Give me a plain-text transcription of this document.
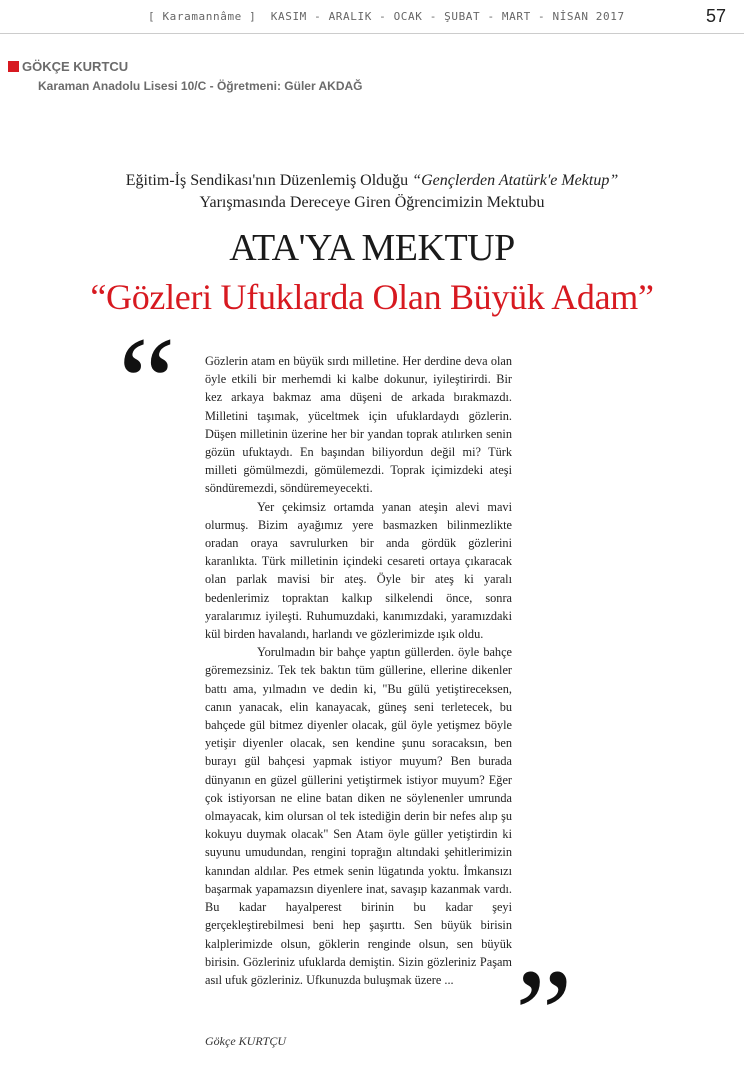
[ Karamannâme ] KASIM - ARALIK - OCAK - ŞUBAT - MART - NİSAN 2017	57
GÖKÇE KURTCU
Karaman Anadolu Lisesi 10/C - Öğretmeni: Güler AKDAĞ
Eğitim-İş Sendikası'nın Düzenlemiş Olduğu “Gençlerden Atatürk'e Mektup”
Yarışmasında Dereceye Giren Öğrencimizin Mektubu
ATA'YA MEKTUP
“Gözleri Ufuklarda Olan Büyük Adam”
“ Gözlerin atam en büyük sırdı milletine. Her derdine deva olan öyle etkili bir merhemdi ki kalbe dokunur, iyileştirirdi. Bir kez arkaya bakmaz ama düşeni de arkada bırakmazdı. Milletini taşımak, yüceltmek için ufuklardaydı gözlerin. Düşen milletinin üzerine her bir yandan toprak atılırken senin gözün ufuktaydı. En başından biliyordun değil mi? Türk milleti gömülmezdi, gömülemezdi. Toprak içimizdeki ateşi söndüremezdi, söndüremeyecekti.

Yer çekimsiz ortamda yanan ateşin alevi mavi olurmuş. Bizim ayağımız yere basmazken bilinmezlikte oradan oraya savrulurken bir anda gördük gözlerini karanlıkta. Türk milletinin içindeki cesareti ortaya çıkaracak olan parlak mavisi bir ateş. Öyle bir ateş ki yaralı bedenlerimiz topraktan kalkıp silkelendi önce, sonra yaralarımız iyileşti. Ruhumuzdaki, kanımızdaki, yaramızdaki kül birden havalandı, harlandı ve gözlerimizde ışık oldu.

Yorulmadın bir bahçe yaptın güllerden. öyle bahçe göremezsiniz. Tek tek baktın tüm güllerine, ellerine dikenler battı ama, yılmadın ve dedin ki, "Bu gülü yetiştireceksen, canın yanacak, elin kanayacak, güneş seni terletecek, bu bahçede gül bitmez diyenler olacak, gül öyle yetişmez böyle yetişir diyenler olacak, sen kendine şunu soracaksın, ben burayı gül bahçesi yapmak istiyor muyum? Ben burada dünyanın en güzel güllerini yetiştirmek istiyor muyum? Eğer çok istiyorsan ne eline batan diken ne söylenenler umrunda olmayacak, kim olursan ol tek istediğin derin bir nefes alıp şu kokuyu duymak olacak" Sen Atam öyle güller yetiştirdin ki suyunu umudundan, rengini toprağın altındaki şehitlerimizin kanından aldılar. Pes etmek senin lügatında yoktu. İmkansızı başarmak yapamazsın diyenlere inat, savaşıp kazanmak vardı. Bu kadar hayalperest birinin bu kadar şeyi gerçekleştirebilmesi beni hep şaşırttı. Sen büyük birisin kalplerimizde olsun, göklerin renginde olsun, sen büyük birisin. Gözleriniz ufuklarda demiştin. Sizin gözleriniz Paşam asıl ufuk gözleriniz. Ufkunuzda buluşmak üzere ... ”
Gökçe KURTÇU
